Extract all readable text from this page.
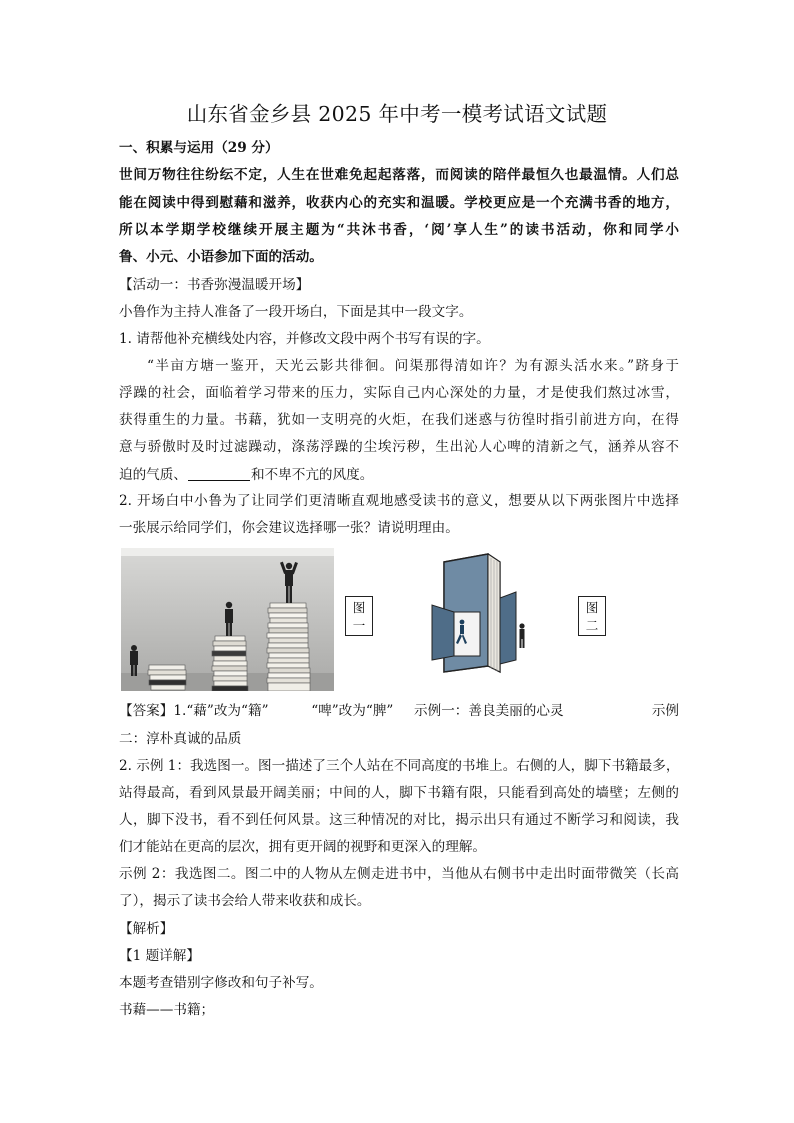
山东省金乡县 2025 年中考一模考试语文试题
一、积累与运用（29 分）
世间万物往往纷纭不定，人生在世难免起起落落，而阅读的陪伴最恒久也最温情。人们总
能在阅读中得到慰藉和滋养，收获内心的充实和温暖。学校更应是一个充满书香的地方，
所以本学期学校继续开展主题为“共沐书香，‘阅’享人生”的读书活动，你和同学小
鲁、小元、小语参加下面的活动。
【活动一：书香弥漫温暖开场】
小鲁作为主持人准备了一段开场白，下面是其中一段文字。
1. 请帮他补充横线处内容，并修改文段中两个书写有误的字。
“半亩方塘一鉴开，天光云影共徘徊。问渠那得清如许？为有源头活水来。”跻身于
浮躁的社会，面临着学习带来的压力，实际自己内心深处的力量，才是使我们熬过冰雪，
获得重生的力量。书藉，犹如一支明亮的火炬，在我们迷惑与彷徨时指引前进方向，在得
意与骄傲时及时过滤躁动，涤荡浮躁的尘埃污秽，生出沁人心啤的清新之气，涵养从容不
迫的气质、	和不卑不亢的风度。
2. 开场白中小鲁为了让同学们更清晰直观地感受读书的意义，想要从以下两张图片中选择
一张展示给同学们，你会建议选择哪一张？请说明理由。
图
一
图
二
【答案】1.“藉”改为“籍”	“啤”改为“脾” 示例一：善良美丽的心灵	示例
二：淳朴真诚的品质
2. 示例 1：我选图一。图一描述了三个人站在不同高度的书堆上。右侧的人，脚下书籍最多，
站得最高，看到风景最开阔美丽；中间的人，脚下书籍有限，只能看到高处的墙壁；左侧的
人，脚下没书，看不到任何风景。这三种情况的对比，揭示出只有通过不断学习和阅读，我
们才能站在更高的层次，拥有更开阔的视野和更深入的理解。
示例 2：我选图二。图二中的人物从左侧走进书中，当他从右侧书中走出时面带微笑（长高
了），揭示了读书会给人带来收获和成长。
【解析】
【1 题详解】
本题考查错别字修改和句子补写。
书藉——书籍；
